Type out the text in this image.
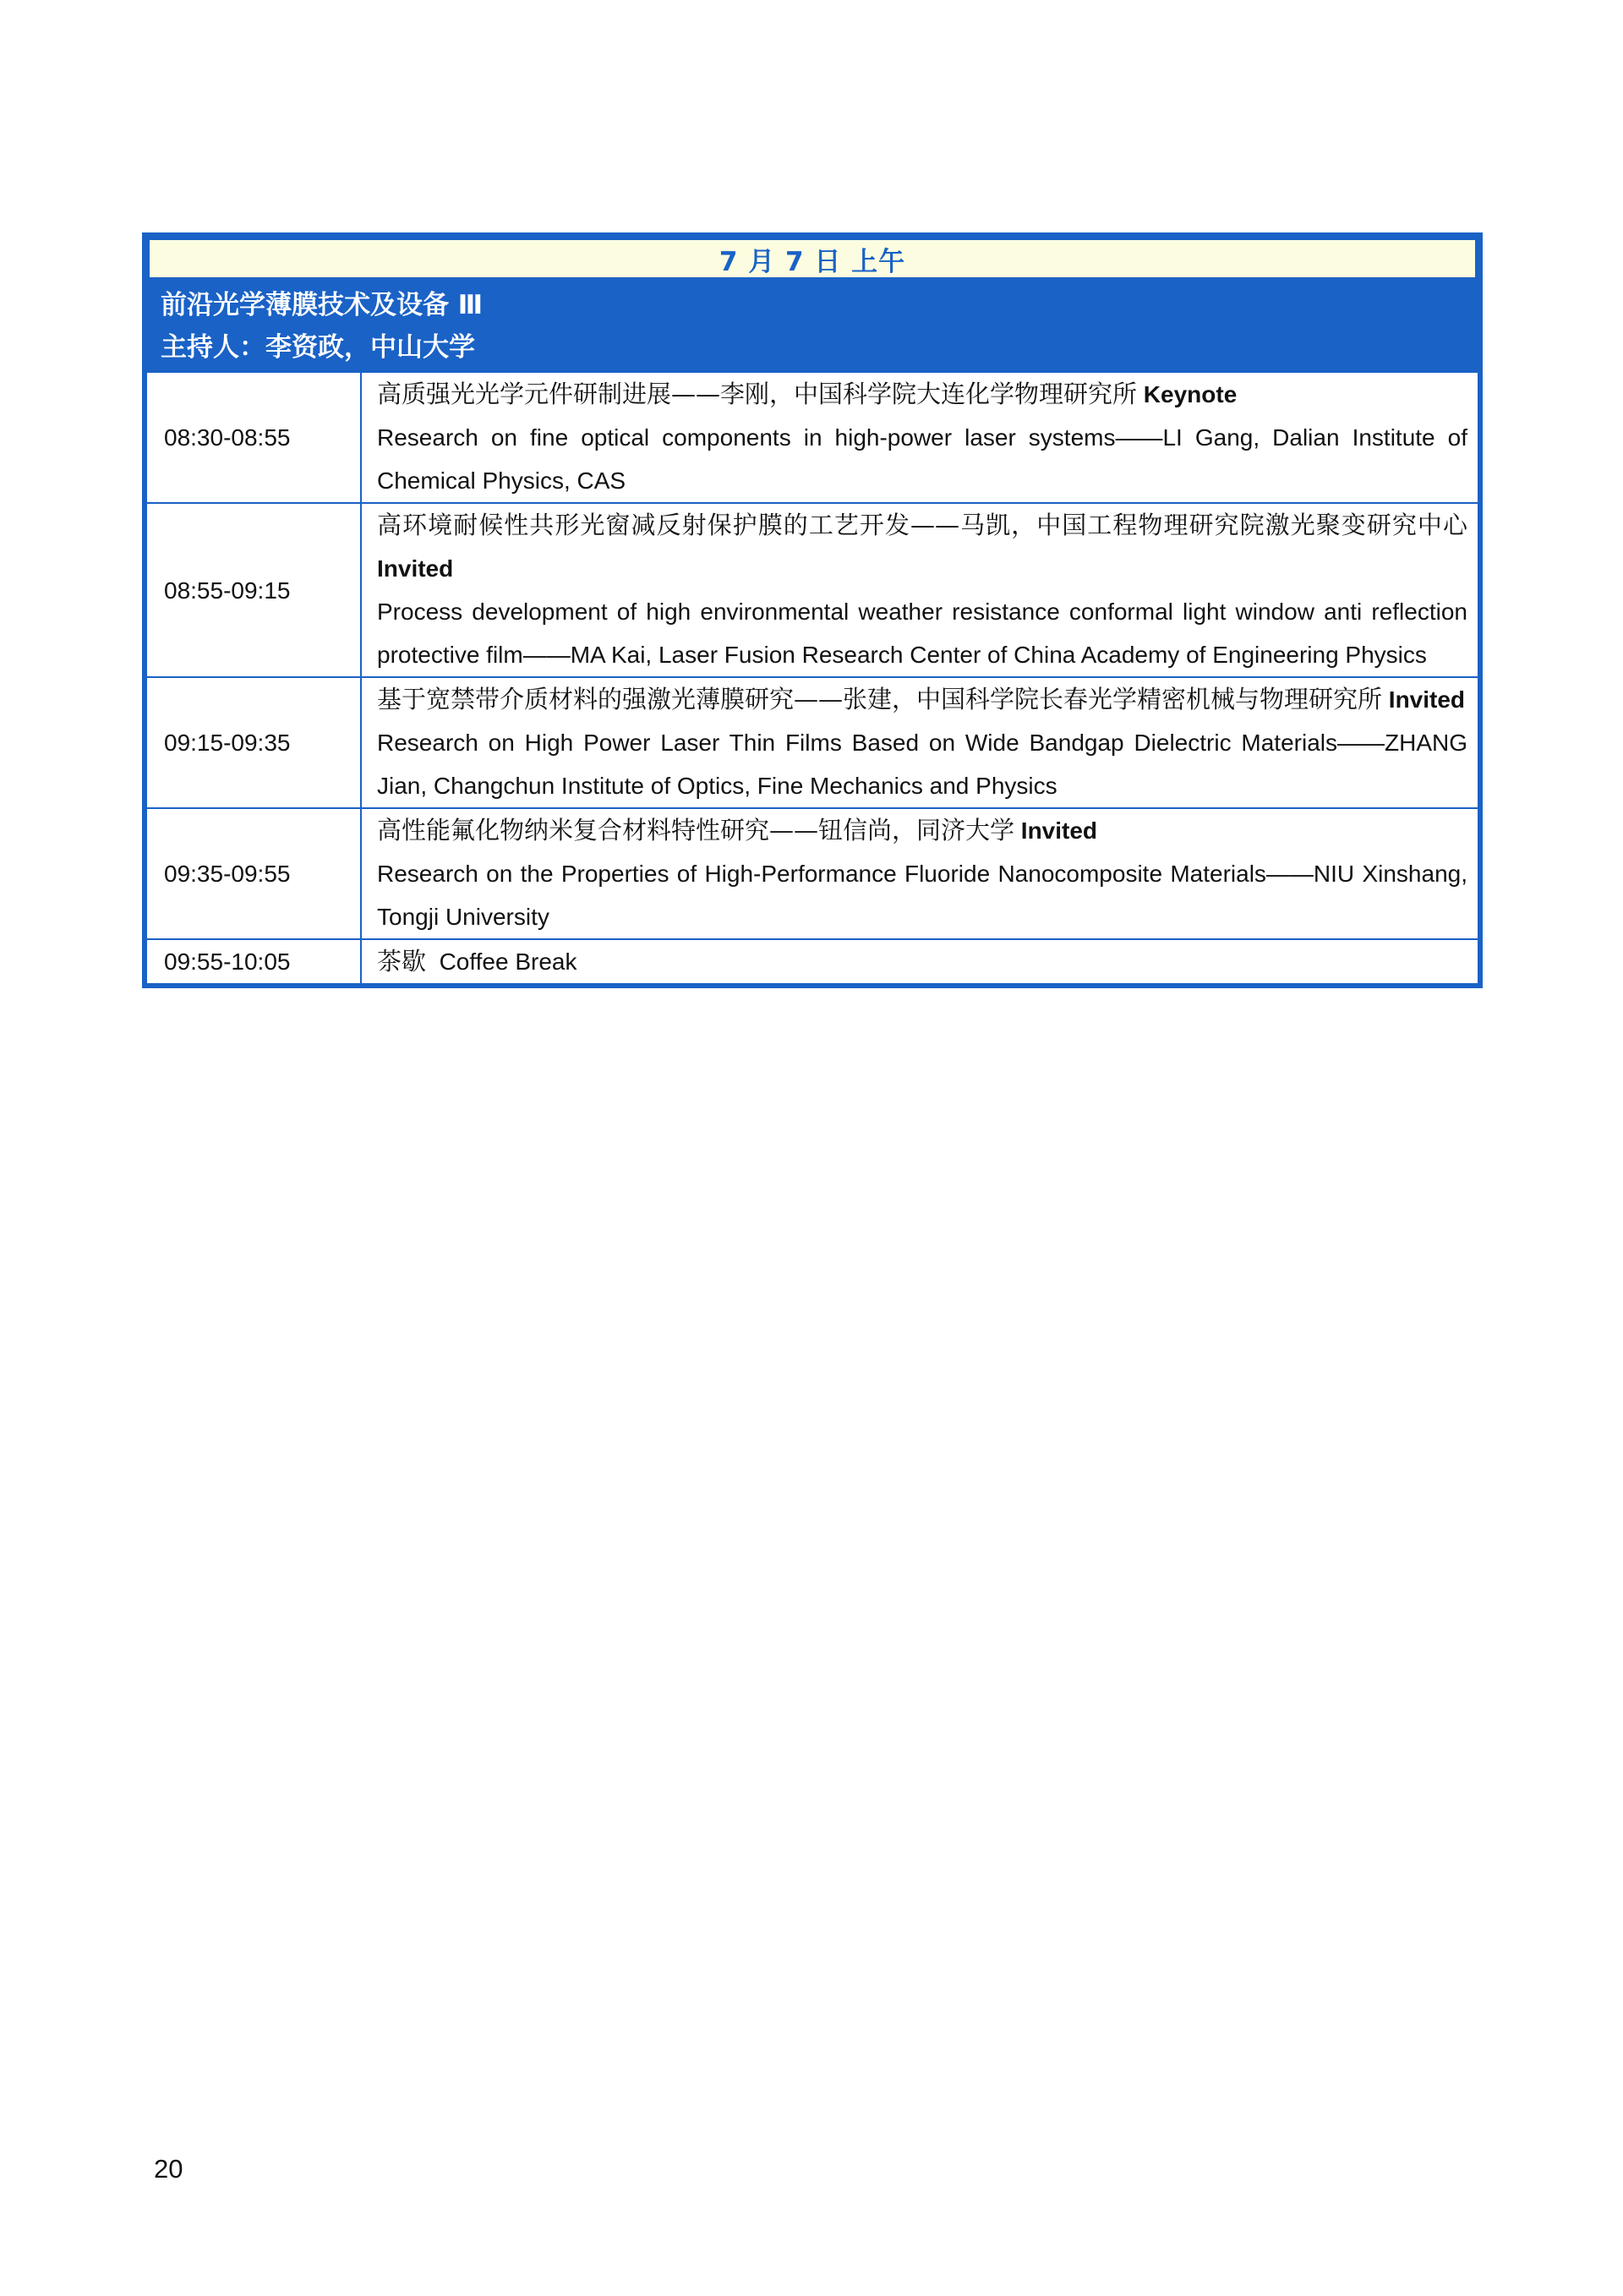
7 月 7 日 上午
前沿光学薄膜技术及设备 Ⅲ
主持人：李资政，中山大学
08:30-08:55	高质强光光学元件研制进展——李刚，中国科学院大连化学物理研究所 Keynote
Research on fine optical components in high-power laser systems——LI Gang, Dalian Institute of Chemical Physics, CAS

08:55-09:15	高环境耐候性共形光窗减反射保护膜的工艺开发——马凯，中国工程物理研究院激光聚变研究中心 Invited
Process development of high environmental weather resistance conformal light window anti reflection protective film——MA Kai, Laser Fusion Research Center of China Academy of Engineering Physics

09:15-09:35	基于宽禁带介质材料的强激光薄膜研究——张建，中国科学院长春光学精密机械与物理研究所 Invited
Research on High Power Laser Thin Films Based on Wide Bandgap Dielectric Materials——ZHANG Jian, Changchun Institute of Optics, Fine Mechanics and Physics

09:35-09:55	高性能氟化物纳米复合材料特性研究——钮信尚，同济大学 Invited
Research on the Properties of High-Performance Fluoride Nanocomposite Materials——NIU Xinshang, Tongji University

09:55-10:05	茶歇 Coffee Break
20
